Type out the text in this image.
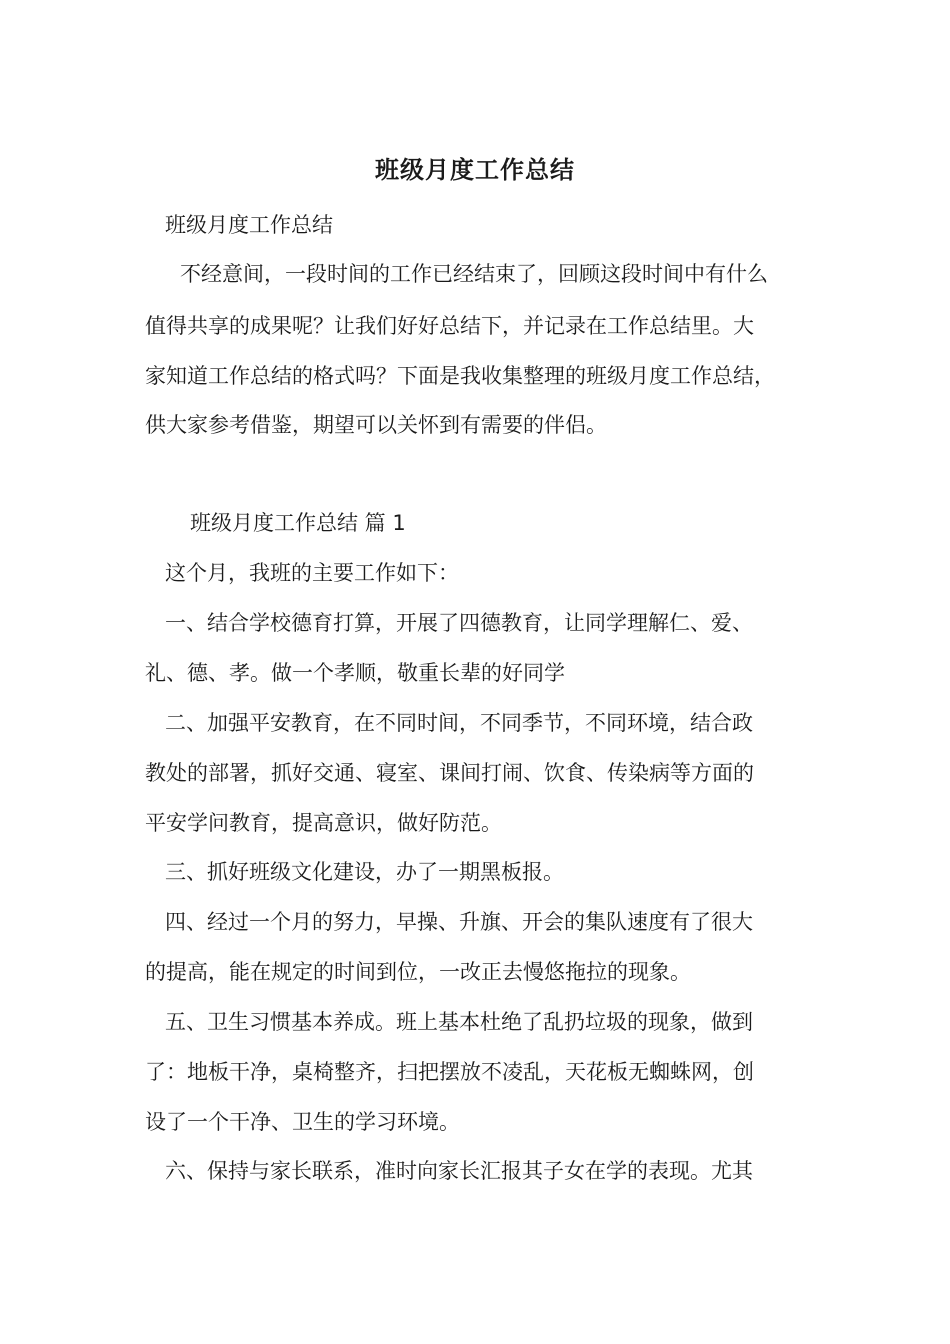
班级月度工作总结

班级月度工作总结

不经意间，一段时间的工作已经结束了，回顾这段时间中有什么

值得共享的成果呢？让我们好好总结下，并记录在工作总结里。大

家知道工作总结的格式吗？下面是我收集整理的班级月度工作总结，

供大家参考借鉴，期望可以关怀到有需要的伴侣。

班级月度工作总结 篇 1

这个月，我班的主要工作如下：

一、结合学校德育打算，开展了四德教育，让同学理解仁、爱、

礼、德、孝。做一个孝顺，敬重长辈的好同学

二、加强平安教育，在不同时间，不同季节，不同环境，结合政

教处的部署，抓好交通、寝室、课间打闹、饮食、传染病等方面的

平安学问教育，提高意识，做好防范。

三、抓好班级文化建设，办了一期黑板报。

四、经过一个月的努力，早操、升旗、开会的集队速度有了很大

的提高，能在规定的时间到位，一改正去慢悠拖拉的现象。

五、卫生习惯基本养成。班上基本杜绝了乱扔垃圾的现象，做到

了：地板干净，桌椅整齐，扫把摆放不凌乱，天花板无蜘蛛网，创

设了一个干净、卫生的学习环境。

六、保持与家长联系，准时向家长汇报其子女在学的表现。尤其
